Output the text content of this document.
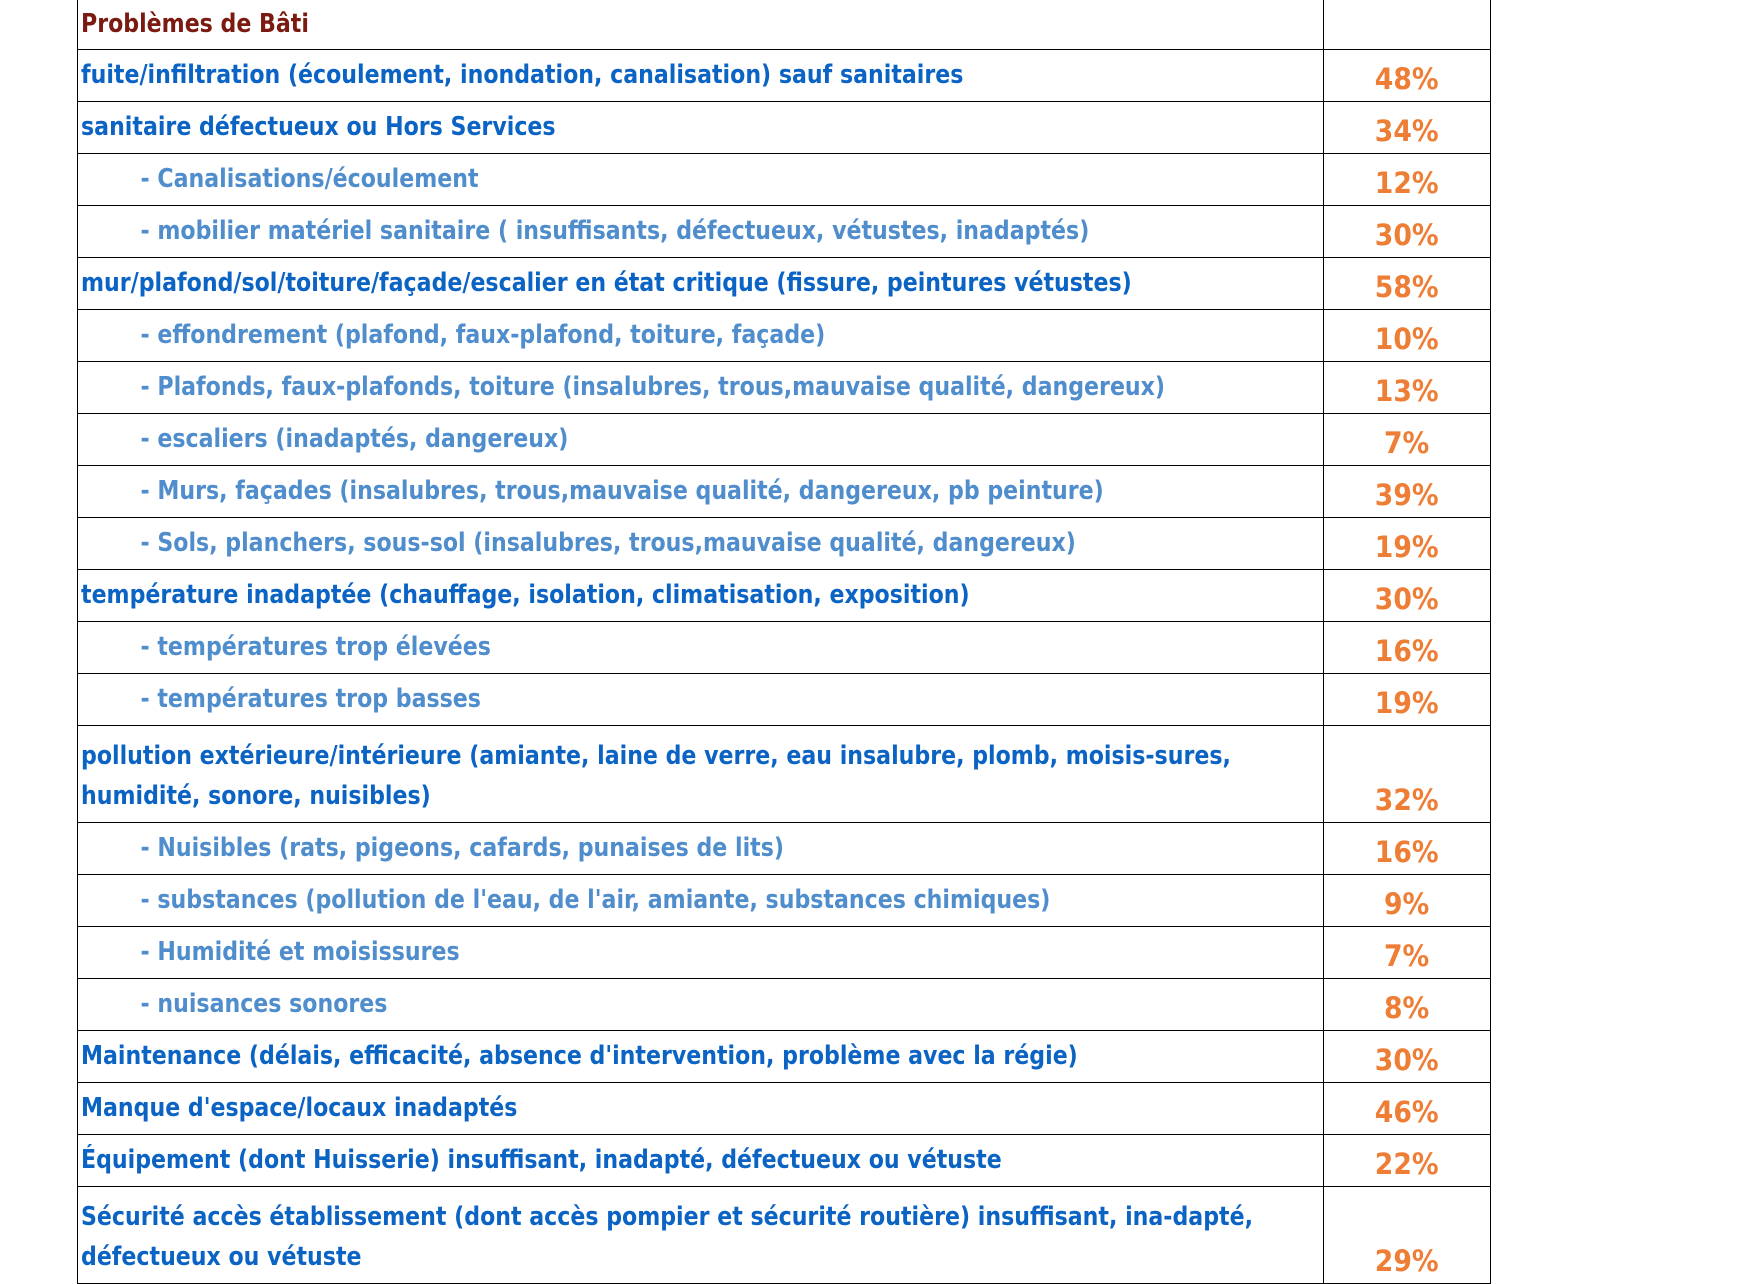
Problèmes de Bâti	
fuite/infiltration (écoulement, inondation, canalisation) sauf sanitaires	48%
sanitaire défectueux ou Hors Services	34%
- Canalisations/écoulement	12%
- mobilier matériel sanitaire ( insuffisants, défectueux, vétustes, inadaptés)	30%
mur/plafond/sol/toiture/façade/escalier en état critique (fissure, peintures vétustes)	58%
- effondrement (plafond, faux-plafond, toiture, façade)	10%
- Plafonds, faux-plafonds, toiture (insalubres, trous,mauvaise qualité, dangereux)	13%
- escaliers (inadaptés, dangereux)	7%
- Murs, façades (insalubres, trous,mauvaise qualité, dangereux, pb peinture)	39%
- Sols, planchers, sous-sol (insalubres, trous,mauvaise qualité, dangereux)	19%
température inadaptée (chauffage, isolation, climatisation, exposition)	30%
- températures trop élevées	16%
- températures trop basses	19%
pollution extérieure/intérieure (amiante, laine de verre, eau insalubre, plomb, moisis-sures, humidité, sonore, nuisibles)	32%
- Nuisibles (rats, pigeons, cafards, punaises de lits)	16%
- substances (pollution de l'eau, de l'air, amiante, substances chimiques)	9%
- Humidité et moisissures	7%
- nuisances sonores	8%
Maintenance (délais, efficacité, absence d'intervention, problème avec la régie)	30%
Manque d'espace/locaux inadaptés	46%
Équipement (dont Huisserie) insuffisant, inadapté, défectueux ou vétuste	22%
Sécurité accès établissement (dont accès pompier et sécurité routière) insuffisant, ina-dapté, défectueux ou vétuste	29%
